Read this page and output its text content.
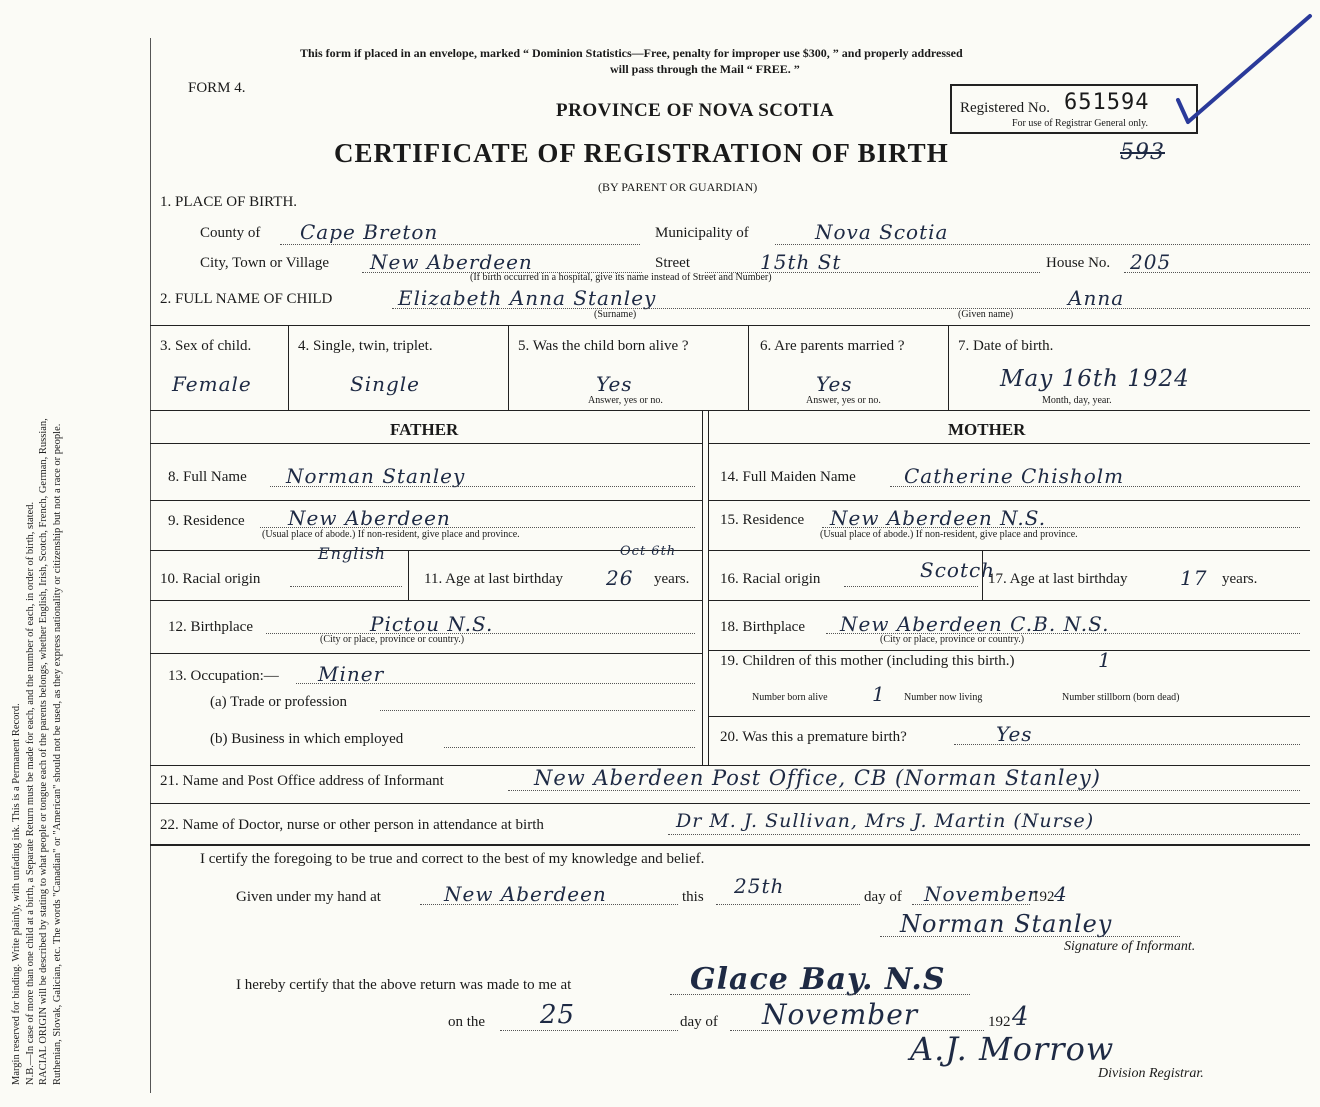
Margin reserved for binding. Write plainly, with unfading ink. This is a Permanent Record. N.B.—In case of more than one child at a birth, a Separate Return must be made for each, and the number of each, in order of birth, stated. RACIAL ORIGIN will be described by stating to what people or tongue each of the parents belongs, whether English, Irish, Scotch, French, German, Russian, Ruthenian, Slovak, Galician, etc. The words "Canadian" or "American" should not be used, as they express nationality or citizenship but not a race or people.
This form if placed in an envelope, marked “ Dominion Statistics—Free, penalty for improper use $300, ” and properly addressed
will pass through the Mail “ FREE. ”
FORM 4.
PROVINCE OF NOVA SCOTIA	Registered No. 651594
For use of Registrar General only.
CERTIFICATE OF REGISTRATION OF BIRTH	593
(BY PARENT OR GUARDIAN)
1. PLACE OF BIRTH.
County of Cape Breton	Municipality of	Nova Scotia
City, Town or Village New Aberdeen	Street	15th St	House No. 205
(If birth occurred in a hospital, give its name instead of Street and Number)
2. FULL NAME OF CHILD	Elizabeth Anna Stanley	Anna
(Surname)	(Given name)
3. Sex of child.
Female
4. Single, twin, triplet.
Single
5. Was the child born alive ?
Yes
Answer, yes or no.
6. Are parents married ?
Yes
Answer, yes or no.
7. Date of birth.
May 16th 1924
Month, day, year.
FATHER	MOTHER
8. Full Name Norman Stanley
9. Residence New Aberdeen
(Usual place of abode.) If non-resident, give place and province.
10. Racial origin
English
11. Age at last birthday 26
Oct 6th
years.
12. Birthplace	Pictou N.S.
(City or place, province or country.)
13. Occupation:— Miner
(a) Trade or profession
(b) Business in which employed
14. Full Maiden Name Catherine Chisholm
15. Residence New Aberdeen N.S.
(Usual place of abode.) If non-resident, give place and province.
16. Racial origin	Scotch
17. Age at last birthday	17 years.
18. Birthplace New Aberdeen C.B. N.S.
(City or place, province or country.)
19. Children of this mother (including this birth.)	1
Number born alive 1 Number now living	Number stillborn (born dead)
20. Was this a premature birth?	Yes
21. Name and Post Office address of Informant	New Aberdeen Post Office, CB (Norman Stanley)
22. Name of Doctor, nurse or other person in attendance at birth	Dr M. J. Sullivan, Mrs J. Martin (Nurse)
I certify the foregoing to be true and correct to the best of my knowledge and belief.
Given under my hand at	New Aberdeen	this 25th	day of November
192 4
Norman Stanley
Signature of Informant.
I hereby certify that the above return was made to me at	Glace Bay. N.S
on the 25	day of November	192 4
A.J. Morrow
Division Registrar.
